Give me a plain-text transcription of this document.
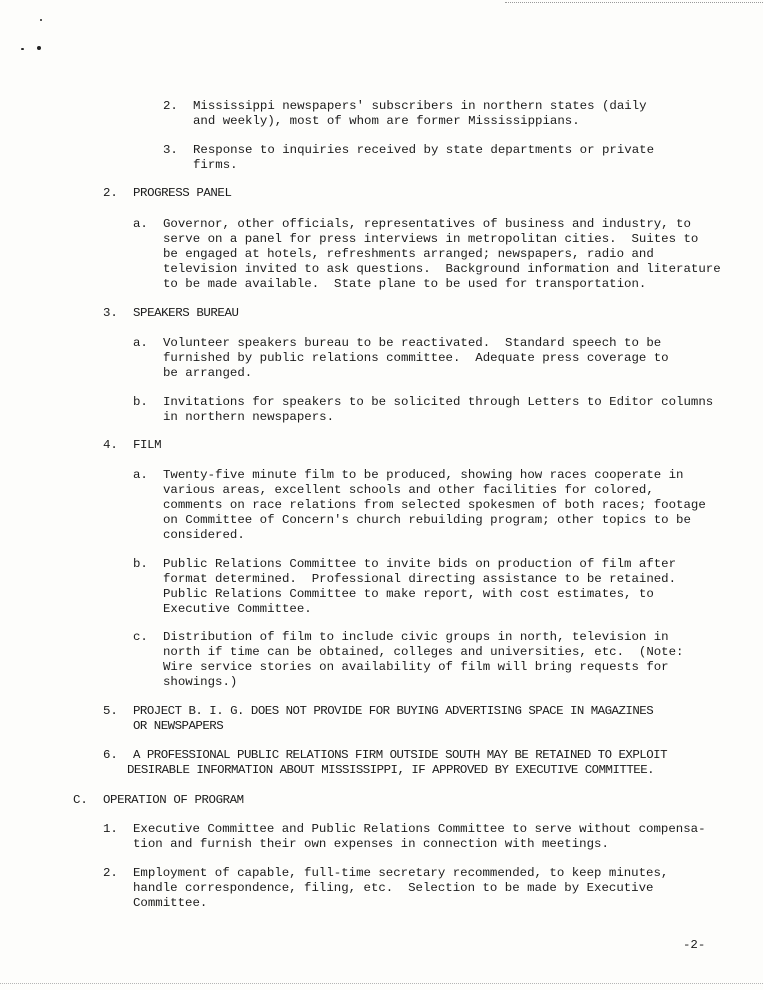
2. Mississippi newspapers' subscribers in northern states (daily
and weekly), most of whom are former Mississippians.
3. Response to inquiries received by state departments or private
firms.
2. PROGRESS PANEL
a. Governor, other officials, representatives of business and industry, to
serve on a panel for press interviews in metropolitan cities.  Suites to
be engaged at hotels, refreshments arranged; newspapers, radio and
television invited to ask questions.  Background information and literature
to be made available.  State plane to be used for transportation.
3. SPEAKERS BUREAU
a. Volunteer speakers bureau to be reactivated.  Standard speech to be
furnished by public relations committee.  Adequate press coverage to
be arranged.
b. Invitations for speakers to be solicited through Letters to Editor columns
in northern newspapers.
4. FILM
a. Twenty-five minute film to be produced, showing how races cooperate in
various areas, excellent schools and other facilities for colored,
comments on race relations from selected spokesmen of both races; footage
on Committee of Concern's church rebuilding program; other topics to be
considered.
b. Public Relations Committee to invite bids on production of film after
format determined.  Professional directing assistance to be retained.
Public Relations Committee to make report, with cost estimates, to
Executive Committee.
c. Distribution of film to include civic groups in north, television in
north if time can be obtained, colleges and universities, etc.  (Note:
Wire service stories on availability of film will bring requests for
showings.)
5. PROJECT B. I. G. DOES NOT PROVIDE FOR BUYING ADVERTISING SPACE IN MAGAZINES
OR NEWSPAPERS
6. A PROFESSIONAL PUBLIC RELATIONS FIRM OUTSIDE SOUTH MAY BE RETAINED TO EXPLOIT
DESIRABLE INFORMATION ABOUT MISSISSIPPI, IF APPROVED BY EXECUTIVE COMMITTEE.
C. OPERATION OF PROGRAM
1. Executive Committee and Public Relations Committee to serve without compensa-
tion and furnish their own expenses in connection with meetings.
2. Employment of capable, full-time secretary recommended, to keep minutes,
handle correspondence, filing, etc.  Selection to be made by Executive
Committee.
-2-
